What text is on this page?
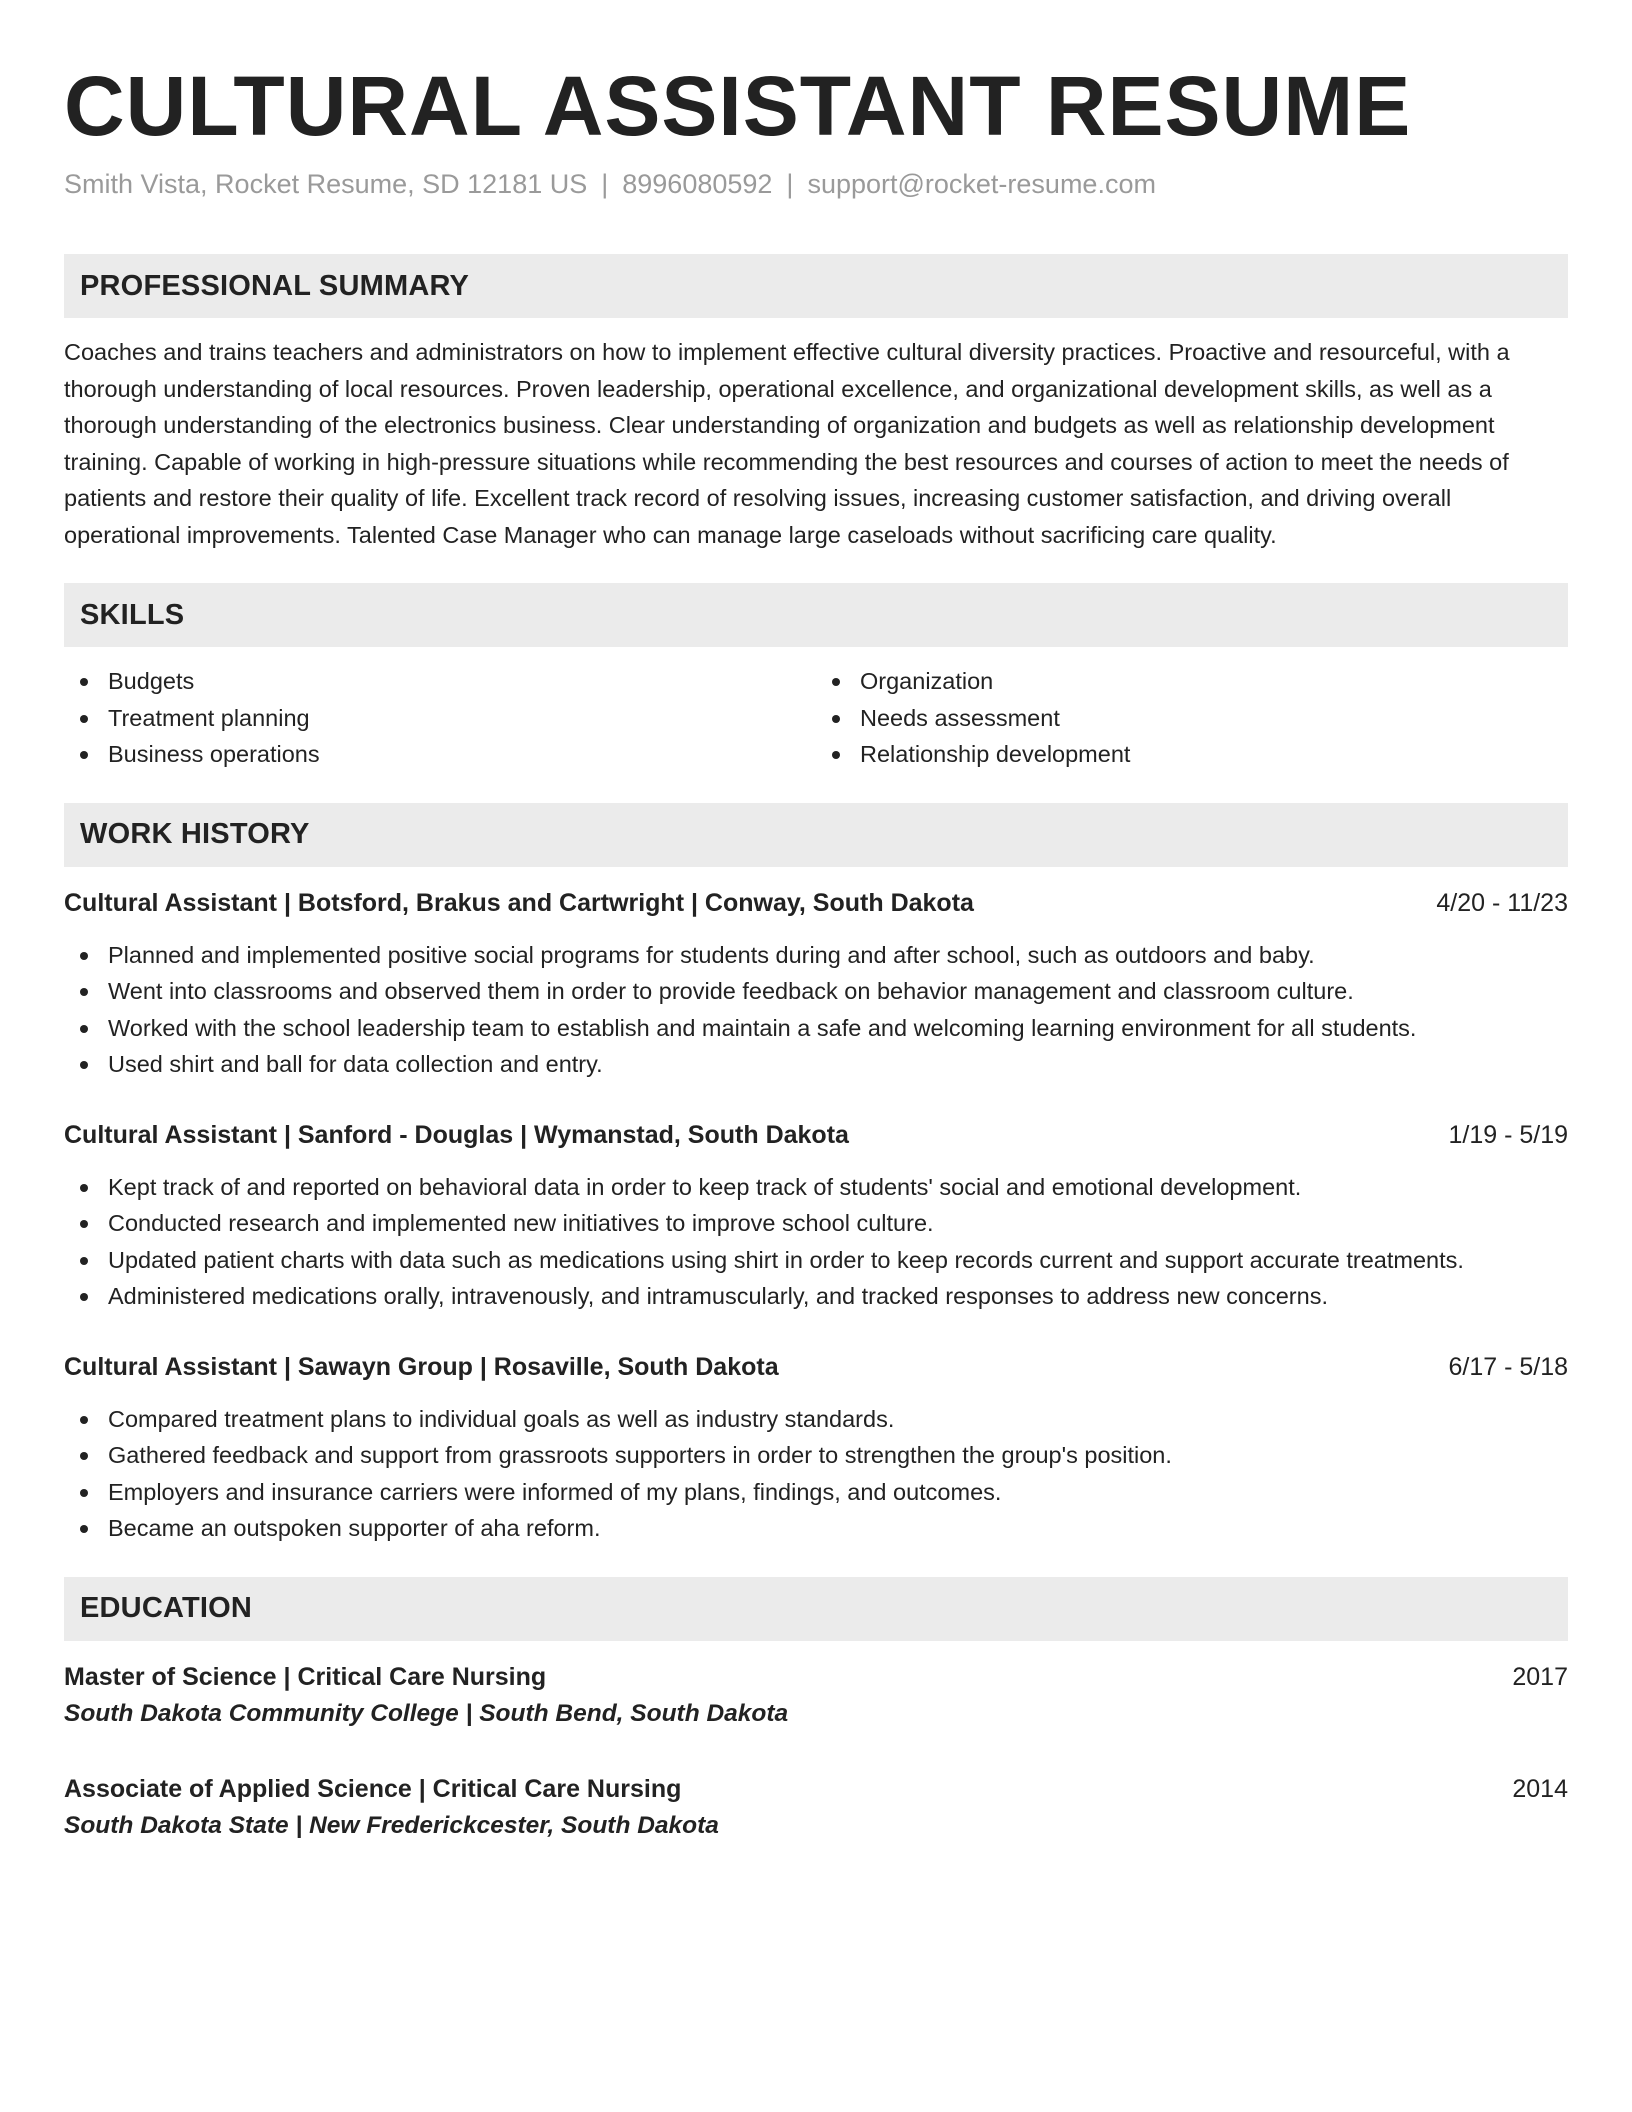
CULTURAL ASSISTANT RESUME
Smith Vista, Rocket Resume, SD 12181 US | 8996080592 | support@rocket-resume.com
PROFESSIONAL SUMMARY

Coaches and trains teachers and administrators on how to implement effective cultural diversity practices. Proactive and resourceful, with a thorough understanding of local resources. Proven leadership, operational excellence, and organizational development skills, as well as a thorough understanding of the electronics business. Clear understanding of organization and budgets as well as relationship development training. Capable of working in high-pressure situations while recommending the best resources and courses of action to meet the needs of patients and restore their quality of life. Excellent track record of resolving issues, increasing customer satisfaction, and driving overall operational improvements. Talented Case Manager who can manage large caseloads without sacrificing care quality.

SKILLS
Budgets
Treatment planning
Business operations
Organization
Needs assessment
Relationship development
WORK HISTORY
Cultural Assistant | Botsford, Brakus and Cartwright | Conway, South Dakota	4/20 - 11/23
Planned and implemented positive social programs for students during and after school, such as outdoors and baby.
Went into classrooms and observed them in order to provide feedback on behavior management and classroom culture.
Worked with the school leadership team to establish and maintain a safe and welcoming learning environment for all students.
Used shirt and ball for data collection and entry.
Cultural Assistant | Sanford - Douglas | Wymanstad, South Dakota	1/19 - 5/19
Kept track of and reported on behavioral data in order to keep track of students' social and emotional development.
Conducted research and implemented new initiatives to improve school culture.
Updated patient charts with data such as medications using shirt in order to keep records current and support accurate treatments.
Administered medications orally, intravenously, and intramuscularly, and tracked responses to address new concerns.
Cultural Assistant | Sawayn Group | Rosaville, South Dakota	6/17 - 5/18
Compared treatment plans to individual goals as well as industry standards.
Gathered feedback and support from grassroots supporters in order to strengthen the group's position.
Employers and insurance carriers were informed of my plans, findings, and outcomes.
Became an outspoken supporter of aha reform.
EDUCATION
Master of Science | Critical Care Nursing	2017
South Dakota Community College | South Bend, South Dakota
Associate of Applied Science | Critical Care Nursing	2014
South Dakota State | New Frederickcester, South Dakota
